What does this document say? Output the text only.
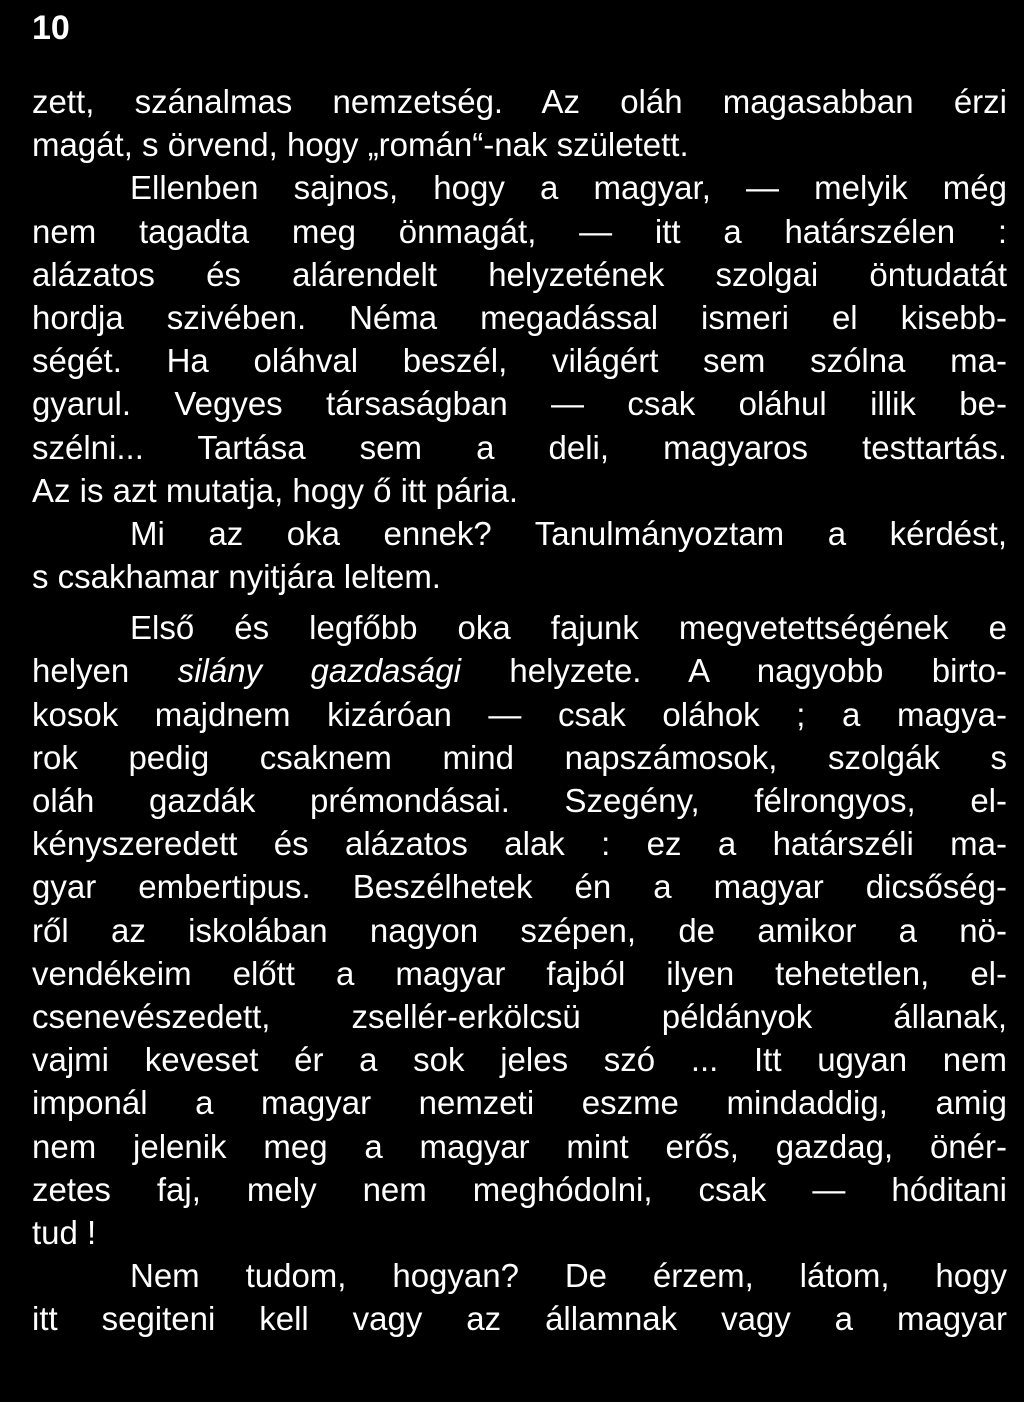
10
zett, szánalmas nemzetség. Az oláh magasabban érzi
magát, s örvend, hogy „román“-nak született.
Ellenben sajnos, hogy a magyar, — melyik még
nem tagadta meg önmagát, — itt a határszélen :
alázatos és alárendelt helyzetének szolgai öntudatát
hordja szivében. Néma megadással ismeri el kisebb-
ségét. Ha oláhval beszél, világért sem szólna ma-
gyarul. Vegyes társaságban — csak oláhul illik be-
szélni... Tartása sem a deli, magyaros testtartás.
Az is azt mutatja, hogy ő itt pária.
Mi az oka ennek? Tanulmányoztam a kérdést,
s csakhamar nyitjára leltem.
Első és legfőbb oka fajunk megvetettségének e
helyen silány gazdasági helyzete. A nagyobb birto-
kosok majdnem kizáróan — csak oláhok ; a magya-
rok pedig csaknem mind napszámosok, szolgák s
oláh gazdák prémondásai. Szegény, félrongyos, el-
kényszeredett és alázatos alak : ez a határszéli ma-
gyar embertipus. Beszélhetek én a magyar dicsőség-
ről az iskolában nagyon szépen, de amikor a nö-
vendékeim előtt a magyar fajból ilyen tehetetlen, el-
csenevészedett, zsellér-erkölcsü példányok állanak,
vajmi keveset ér a sok jeles szó ... Itt ugyan nem
imponál a magyar nemzeti eszme mindaddig, amig
nem jelenik meg a magyar mint erős, gazdag, önér-
zetes faj, mely nem meghódolni, csak — hóditani
tud !
Nem tudom, hogyan? De érzem, látom, hogy
itt segiteni kell vagy az államnak vagy a magyar
